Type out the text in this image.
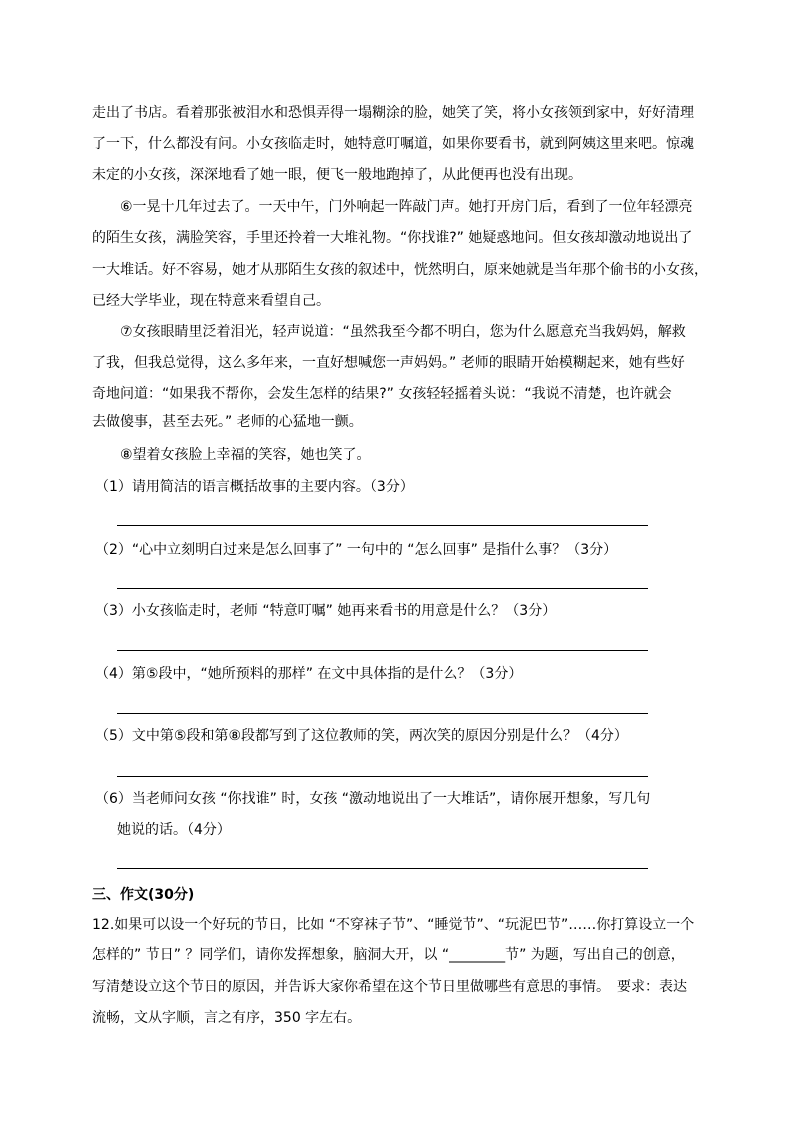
走出了书店。看着那张被泪水和恐惧弄得一塌糊涂的脸，她笑了笑，将小女孩领到家中，好好清理
了一下，什么都没有问。小女孩临走时，她特意叮嘱道，如果你要看书，就到阿姨这里来吧。惊魂
未定的小女孩，深深地看了她一眼，便飞一般地跑掉了，从此便再也没有出现。
⑥一晃十几年过去了。一天中午，门外响起一阵敲门声。她打开房门后，看到了一位年轻漂亮
的陌生女孩，满脸笑容，手里还拎着一大堆礼物。“你找谁?” 她疑惑地问。但女孩却激动地说出了
一大堆话。好不容易，她才从那陌生女孩的叙述中，恍然明白，原来她就是当年那个偷书的小女孩，
已经大学毕业，现在特意来看望自己。
⑦女孩眼睛里泛着泪光，轻声说道：“虽然我至今都不明白，您为什么愿意充当我妈妈，解救
了我，但我总觉得，这么多年来，一直好想喊您一声妈妈。” 老师的眼睛开始模糊起来，她有些好
奇地问道：“如果我不帮你，会发生怎样的结果?” 女孩轻轻摇着头说：“我说不清楚，也许就会
去做傻事，甚至去死。” 老师的心猛地一颤。
⑧望着女孩脸上幸福的笑容，她也笑了。
（1）请用简洁的语言概括故事的主要内容。（3分）
（2）“心中立刻明白过来是怎么回事了” 一句中的 “怎么回事” 是指什么事？（3分）
（3）小女孩临走时，老师 “特意叮嘱” 她再来看书的用意是什么？（3分）
（4）第⑤段中，“她所预料的那样” 在文中具体指的是什么？（3分）
（5）文中第⑤段和第⑧段都写到了这位教师的笑，两次笑的原因分别是什么？（4分）
（6）当老师问女孩 “你找谁” 时，女孩 “激动地说出了一大堆话”，请你展开想象，写几句
她说的话。（4分）
三、作文(30分)
12.如果可以设一个好玩的节日，比如 “不穿袜子节”、“睡觉节”、“玩泥巴节”……你打算设立一个
怎样的” 节日” ？同学们，请你发挥想象，脑洞大开，以 “________节” 为题，写出自己的创意，
写清楚设立这个节日的原因，并告诉大家你希望在这个节日里做哪些有意思的事情。　要求：表达
流畅，文从字顺，言之有序，350 字左右。
